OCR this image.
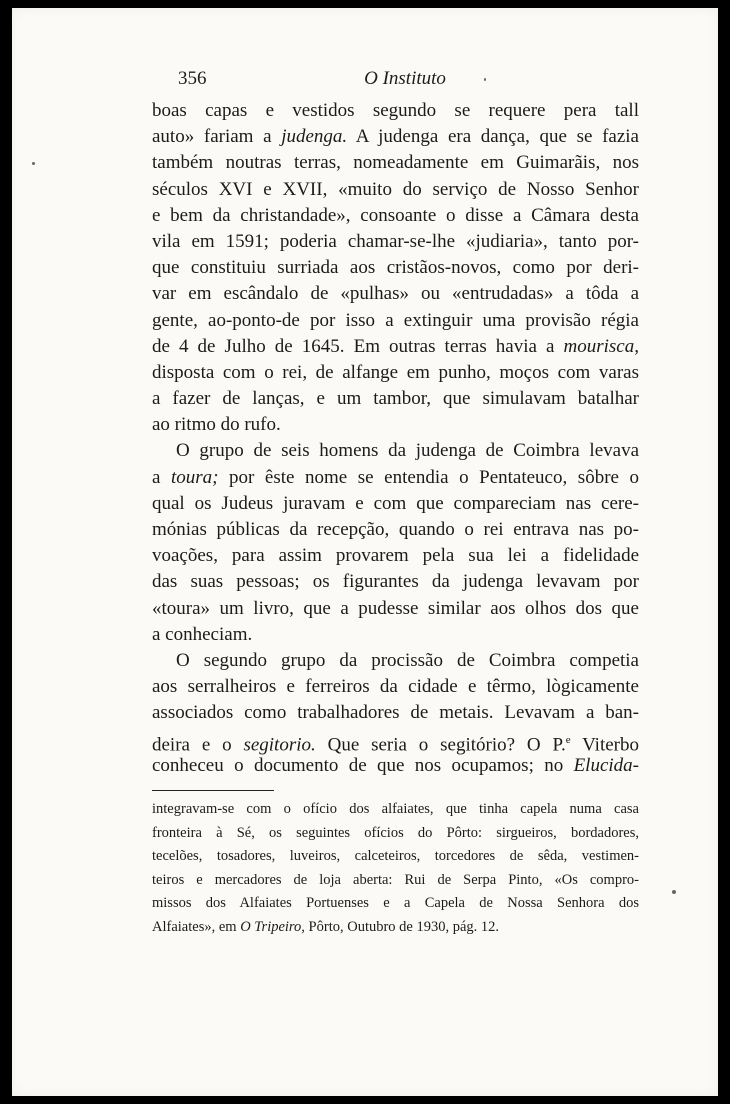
356	O Instituto
boas capas e vestidos segundo se requere pera tall
auto» fariam a judenga. A judenga era dança, que se fazia
também noutras terras, nomeadamente em Guimarãis, nos
séculos XVI e XVII, «muito do serviço de Nosso Senhor
e bem da christandade», consoante o disse a Câmara desta
vila em 1591; poderia chamar-se-lhe «judiaria», tanto por-
que constituiu surriada aos cristãos-novos, como por deri-
var em escândalo de «pulhas» ou «entrudadas» a tôda a
gente, ao-ponto-de por isso a extinguir uma provisão régia
de 4 de Julho de 1645. Em outras terras havia a mourisca,
disposta com o rei, de alfange em punho, moços com varas
a fazer de lanças, e um tambor, que simulavam batalhar
ao ritmo do rufo.
O grupo de seis homens da judenga de Coimbra levava
a toura; por êste nome se entendia o Pentateuco, sôbre o
qual os Judeus juravam e com que compareciam nas cere-
mónias públicas da recepção, quando o rei entrava nas po-
voações, para assim provarem pela sua lei a fidelidade
das suas pessoas; os figurantes da judenga levavam por
«toura» um livro, que a pudesse similar aos olhos dos que
a conheciam.
O segundo grupo da procissão de Coimbra competia
aos serralheiros e ferreiros da cidade e têrmo, lògicamente
associados como trabalhadores de metais. Levavam a ban-
deira e o segitorio. Que seria o segitório? O P.$^e$ Viterbo
conheceu o documento de que nos ocupamos; no Elucida-
integravam-se com o ofício dos alfaiates, que tinha capela numa casa
fronteira à Sé, os seguintes ofícios do Pôrto: sirgueiros, bordadores,
tecelões, tosadores, luveiros, calceteiros, torcedores de sêda, vestimen-
teiros e mercadores de loja aberta: Rui de Serpa Pinto, «Os compro-
missos dos Alfaiates Portuenses e a Capela de Nossa Senhora dos
Alfaiates», em O Tripeiro, Pôrto, Outubro de 1930, pág. 12.
